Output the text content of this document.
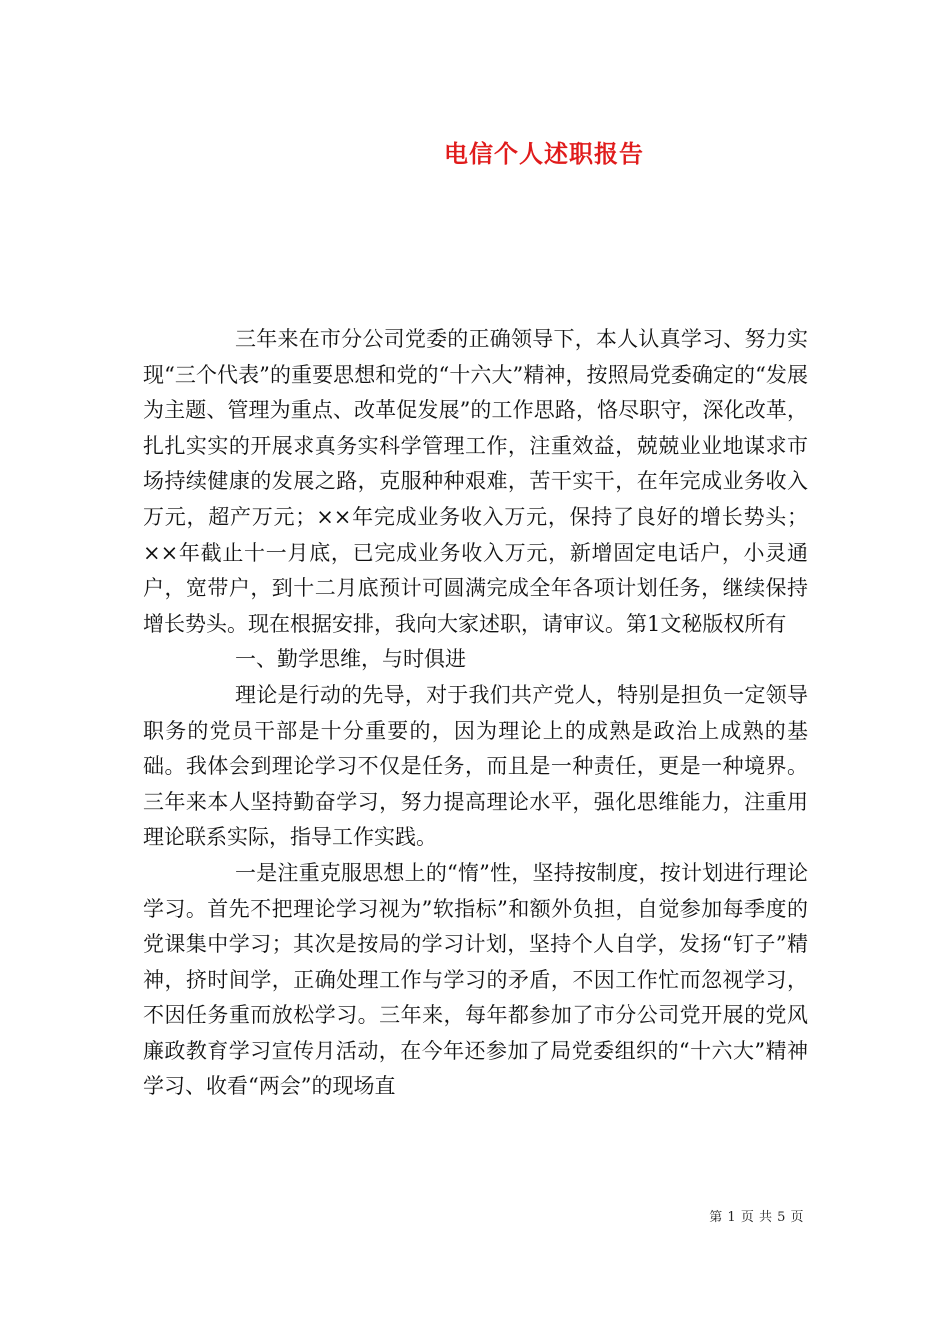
电信个人述职报告

三年来在市分公司党委的正确领导下，本人认真学习、努力实现“三个代表”的重要思想和党的“十六大”精神，按照局党委确定的“发展为主题、管理为重点、改革促发展”的工作思路，恪尽职守，深化改革，扎扎实实的开展求真务实科学管理工作，注重效益，兢兢业业地谋求市场持续健康的发展之路，克服种种艰难，苦干实干，在年完成业务收入万元，超产万元；××年完成业务收入万元，保持了良好的增长势头；××年截止十一月底，已完成业务收入万元，新增固定电话户，小灵通户，宽带户，到十二月底预计可圆满完成全年各项计划任务，继续保持增长势头。现在根据安排，我向大家述职，请审议。第1文秘版权所有

一、勤学思维，与时俱进

理论是行动的先导，对于我们共产党人，特别是担负一定领导职务的党员干部是十分重要的，因为理论上的成熟是政治上成熟的基础。我体会到理论学习不仅是任务，而且是一种责任，更是一种境界。三年来本人坚持勤奋学习，努力提高理论水平，强化思维能力，注重用理论联系实际，指导工作实践。

一是注重克服思想上的“惰”性，坚持按制度，按计划进行理论学习。首先不把理论学习视为”软指标”和额外负担，自觉参加每季度的党课集中学习；其次是按局的学习计划，坚持个人自学，发扬“钉子”精神，挤时间学，正确处理工作与学习的矛盾，不因工作忙而忽视学习，不因任务重而放松学习。三年来，每年都参加了市分公司党开展的党风廉政教育学习宣传月活动，在今年还参加了局党委组织的“十六大”精神学习、收看“两会”的现场直

第 1 页 共 5 页
